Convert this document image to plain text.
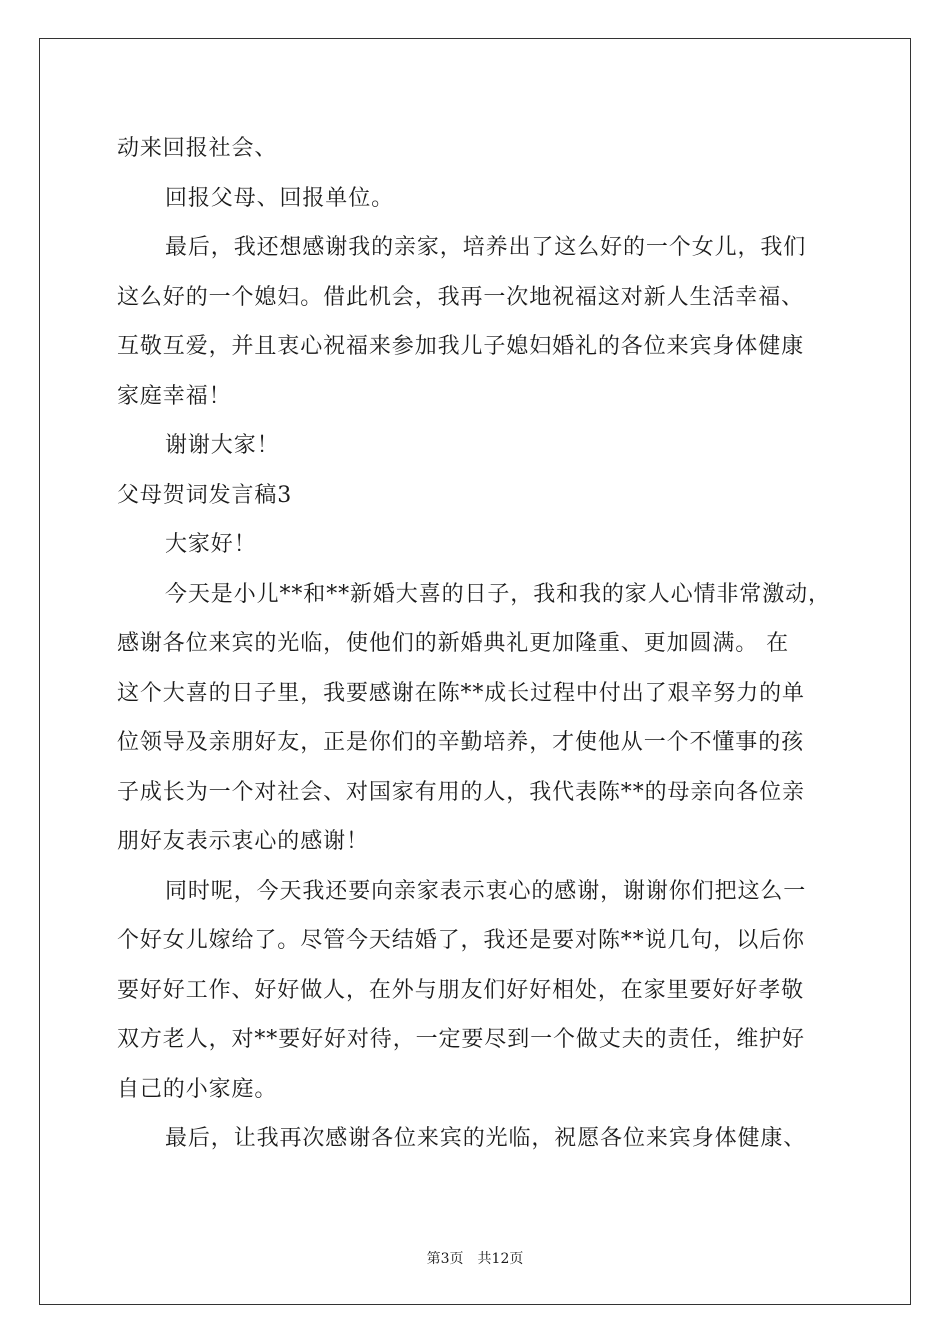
动来回报社会、
回报父母、回报单位。
最后，我还想感谢我的亲家，培养出了这么好的一个女儿，我们
这么好的一个媳妇。借此机会，我再一次地祝福这对新人生活幸福、
互敬互爱，并且衷心祝福来参加我儿子媳妇婚礼的各位来宾身体健康
家庭幸福！
谢谢大家！
父母贺词发言稿3
大家好！
今天是小儿**和**新婚大喜的日子，我和我的家人心情非常激动，
感谢各位来宾的光临，使他们的新婚典礼更加隆重、更加圆满。 在
这个大喜的日子里，我要感谢在陈**成长过程中付出了艰辛努力的单
位领导及亲朋好友，正是你们的辛勤培养，才使他从一个不懂事的孩
子成长为一个对社会、对国家有用的人，我代表陈**的母亲向各位亲
朋好友表示衷心的感谢！
同时呢，今天我还要向亲家表示衷心的感谢，谢谢你们把这么一
个好女儿嫁给了。尽管今天结婚了，我还是要对陈**说几句，以后你
要好好工作、好好做人，在外与朋友们好好相处，在家里要好好孝敬
双方老人，对**要好好对待，一定要尽到一个做丈夫的责任，维护好
自己的小家庭。
最后，让我再次感谢各位来宾的光临，祝愿各位来宾身体健康、
第3页 共12页
